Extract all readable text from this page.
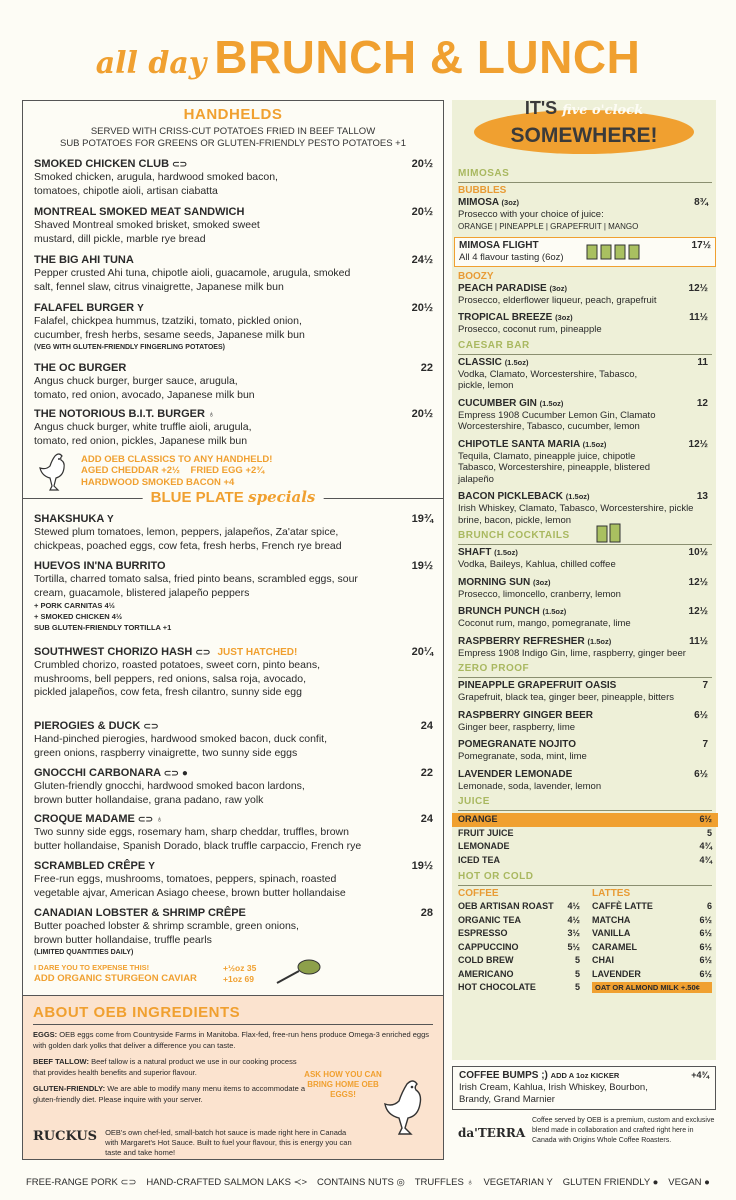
all day BRUNCH & LUNCH
HANDHELDS
SERVED WITH CRISS-CUT POTATOES FRIED IN BEEF TALLOW
SUB POTATOES FOR GREENS OR GLUTEN-FRIENDLY PESTO POTATOES +1
SMOKED CHICKEN CLUB ⊂⊃	20½
Smoked chicken, arugula, hardwood smoked bacon, tomatoes, chipotle aioli, artisan ciabatta
MONTREAL SMOKED MEAT SANDWICH	20½
Shaved Montreal smoked brisket, smoked sweet mustard, dill pickle, marble rye bread
THE BIG AHI TUNA	24½
Pepper crusted Ahi tuna, chipotle aioli, guacamole, arugula, smoked salt, fennel slaw, citrus vinaigrette, Japanese milk bun
FALAFEL BURGER Y	20½
Falafel, chickpea hummus, tzatziki, tomato, pickled onion, cucumber, fresh herbs, sesame seeds, Japanese milk bun
(VEG WITH GLUTEN-FRIENDLY FINGERLING POTATOES)
THE OC BURGER	22
Angus chuck burger, burger sauce, arugula, tomato, red onion, avocado, Japanese milk bun
THE NOTORIOUS B.I.T. BURGER ♁	20½
Angus chuck burger, white truffle aioli, arugula, tomato, red onion, pickles, Japanese milk bun
ADD OEB CLASSICS TO ANY HANDHELD!
AGED CHEDDAR +2½ FRIED EGG +2¾
HARDWOOD SMOKED BACON +4
BLUE PLATE specials
SHAKSHUKA Y	19¾
Stewed plum tomatoes, lemon, peppers, jalapeños, Za'atar spice, chickpeas, poached eggs, cow feta, fresh herbs, French rye bread
HUEVOS IN'NA BURRITO	19½
Tortilla, charred tomato salsa, fried pinto beans, scrambled eggs, sour cream, guacamole, blistered jalapeño peppers
+ PORK CARNITAS 4½
+ SMOKED CHICKEN 4½
SUB GLUTEN-FRIENDLY TORTILLA +1
SOUTHWEST CHORIZO HASH ⊂⊃ JUST HATCHED!	20¼
Crumbled chorizo, roasted potatoes, sweet corn, pinto beans, mushrooms, bell peppers, red onions, salsa roja, avocado, pickled jalapeños, cow feta, fresh cilantro, sunny side egg
PIEROGIES & DUCK ⊂⊃	24
Hand-pinched pierogies, hardwood smoked bacon, duck confit, green onions, raspberry vinaigrette, two sunny side eggs
GNOCCHI CARBONARA ⊂⊃ ●	22
Gluten-friendly gnocchi, hardwood smoked bacon lardons, brown butter hollandaise, grana padano, raw yolk
CROQUE MADAME ⊂⊃ ♁	24
Two sunny side eggs, rosemary ham, sharp cheddar, truffles, brown butter hollandaise, Spanish Dorado, black truffle carpaccio, French rye
SCRAMBLED CRÊPE Y	19½
Free-run eggs, mushrooms, tomatoes, peppers, spinach, roasted vegetable ajvar, American Asiago cheese, brown butter hollandaise
CANADIAN LOBSTER & SHRIMP CRÊPE	28
Butter poached lobster & shrimp scramble, green onions, brown butter hollandaise, truffle pearls
(LIMITED QUANTITIES DAILY)
I DARE YOU TO EXPENSE THIS!
ADD ORGANIC STURGEON CAVIAR
+½oz 35
+1oz 69
ABOUT OEB INGREDIENTS

EGGS: OEB eggs come from Countryside Farms in Manitoba. Flax-fed, free-run hens produce Omega-3 enriched eggs with golden dark yolks that deliver a difference you can taste.

BEEF TALLOW: Beef tallow is a natural product we use in our cooking process that provides health benefits and superior flavour.

GLUTEN-FRIENDLY: We are able to modify many menu items to accommodate a gluten-friendly diet. Please inquire with your server.

ASK HOW YOU CAN BRING HOME OEB EGGS!
RUCKUS OEB's own chef-led, small-batch hot sauce is made right here in Canada with Margaret's Hot Sauce. Built to fuel your flavour, this is energy you can taste and take home!
IT'S five o'clock
SOMEWHERE!
MIMOSAS
BUBBLES
MIMOSA (3oz)	8¾
Prosecco with your choice of juice:
ORANGE | PINEAPPLE | GRAPEFRUIT | MANGO
MIMOSA FLIGHT	17½
All 4 flavour tasting (6oz)
BOOZY
PEACH PARADISE (3oz)	12½
Prosecco, elderflower liqueur, peach, grapefruit
TROPICAL BREEZE (3oz)	11½
Prosecco, coconut rum, pineapple
CAESAR BAR
CLASSIC (1.5oz)	11
Vodka, Clamato, Worcestershire, Tabasco, pickle, lemon
CUCUMBER GIN (1.5oz)	12
Empress 1908 Cucumber Lemon Gin, Clamato Worcestershire, Tabasco, cucumber, lemon
CHIPOTLE SANTA MARIA (1.5oz)	12½
Tequila, Clamato, pineapple juice, chipotle Tabasco, Worcestershire, pineapple, blistered jalapeño
BACON PICKLEBACK (1.5oz)	13
Irish Whiskey, Clamato, Tabasco, Worcestershire, pickle brine, bacon, pickle, lemon
BRUNCH COCKTAILS
SHAFT (1.5oz)	10½
Vodka, Baileys, Kahlua, chilled coffee
MORNING SUN (3oz)	12½
Prosecco, limoncello, cranberry, lemon
BRUNCH PUNCH (1.5oz)	12½
Coconut rum, mango, pomegranate, lime
RASPBERRY REFRESHER (1.5oz)	11½
Empress 1908 Indigo Gin, lime, raspberry, ginger beer
ZERO PROOF
PINEAPPLE GRAPEFRUIT OASIS	7
Grapefruit, black tea, ginger beer, pineapple, bitters
RASPBERRY GINGER BEER	6½
Ginger beer, raspberry, lime
POMEGRANATE NOJITO	7
Pomegranate, soda, mint, lime
LAVENDER LEMONADE	6½
Lemonade, soda, lavender, lemon
JUICE
ORANGE	6½
FRUIT JUICE	5
LEMONADE	4¾
ICED TEA	4¾
HOT OR COLD
COFFEE
OEB ARTISAN ROAST 4½
ORGANIC TEA	4½
ESPRESSO	3½
CAPPUCCINO	5½
COLD BREW	5
AMERICANO	5
HOT CHOCOLATE	5
LATTES
CAFFÈ LATTE	6
MATCHA	6½
VANILLA	6½
CARAMEL	6½
CHAI	6½
LAVENDER	6½
OAT OR ALMOND MILK +.50¢
COFFEE BUMPS ;) ADD A 1oz KICKER	+4¾
Irish Cream, Kahlua, Irish Whiskey, Bourbon, Brandy, Grand Marnier
da'TERRA
Coffee served by OEB is a premium, custom and exclusive blend made in collaboration and crafted right here in Canada with Origins Whole Coffee Roasters.
FREE-RANGE PORK ⊂⊃ HAND-CRAFTED SALMON LAKS ≺> CONTAINS NUTS ◎ TRUFFLES ♁ VEGETARIAN Y GLUTEN FRIENDLY ● VEGAN ●
